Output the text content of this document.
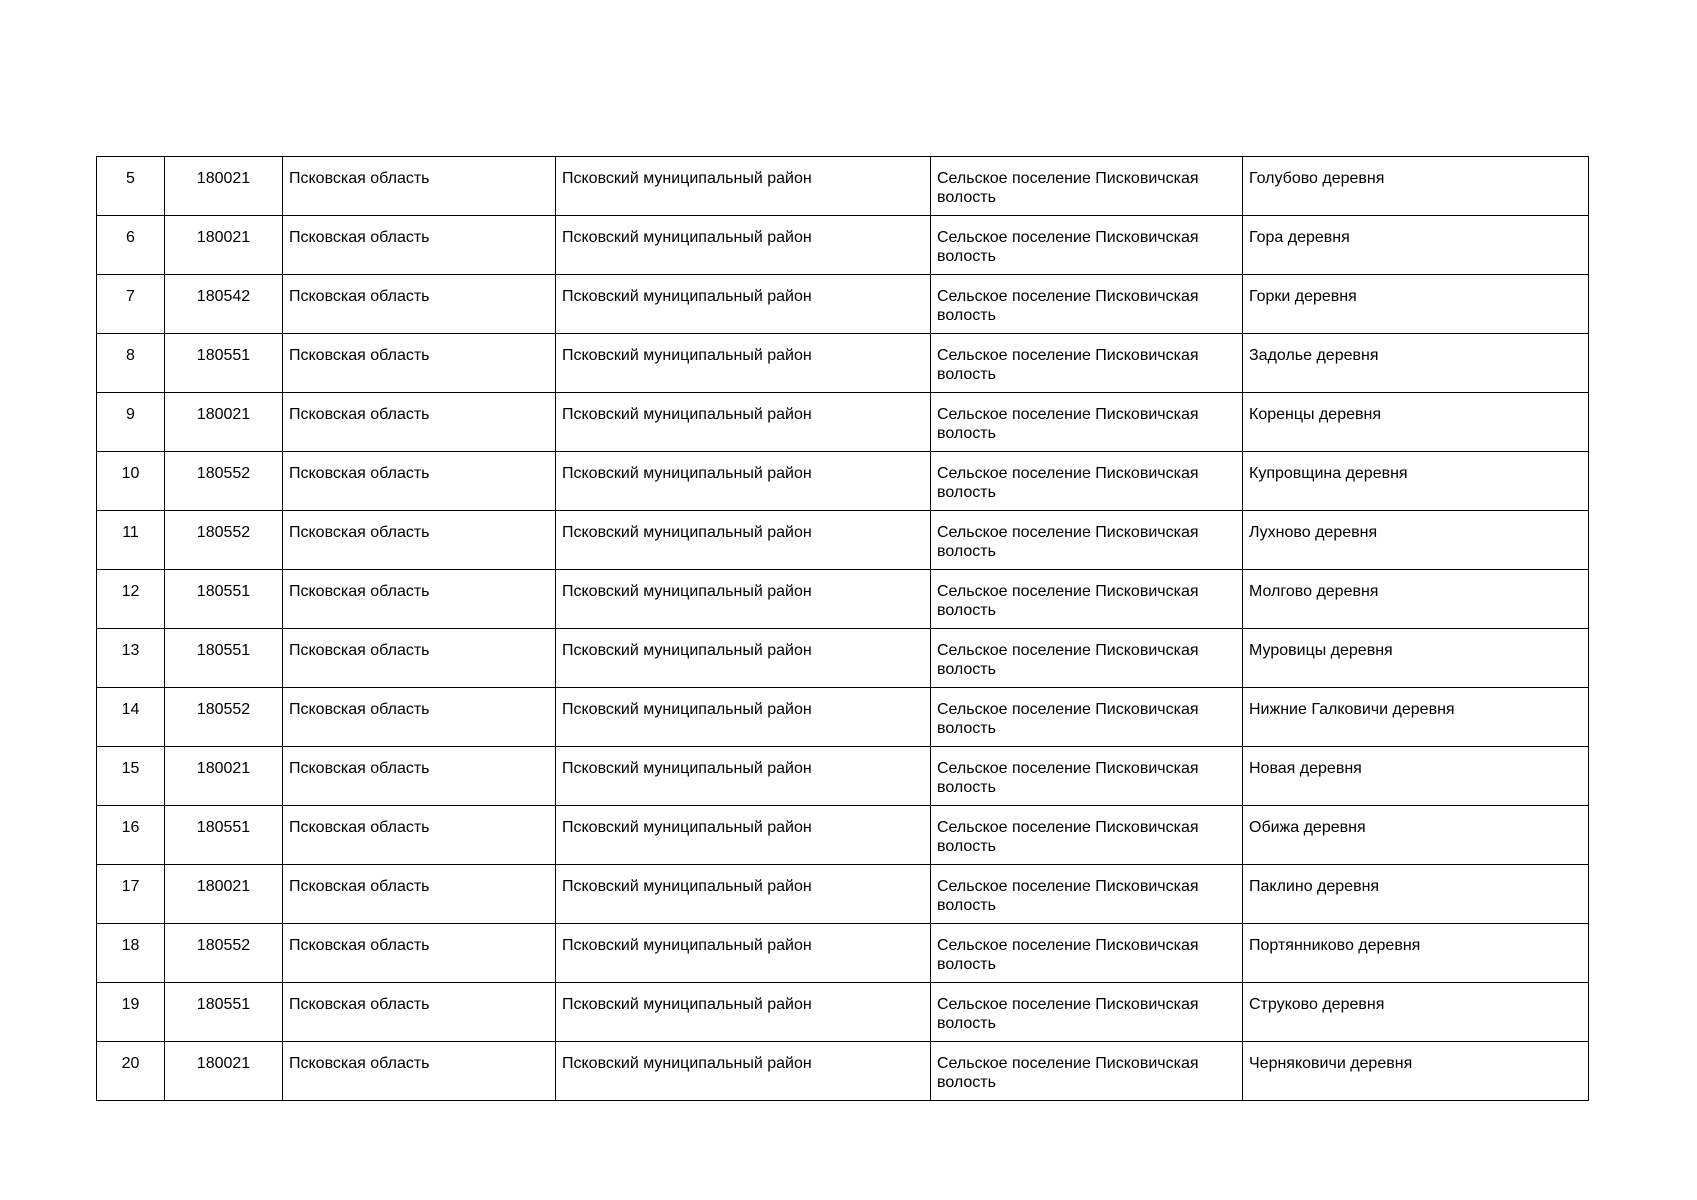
5	180021	Псковская область	Псковский муниципальный район	Сельское поселение Писковичская волость	Голубово деревня
6	180021	Псковская область	Псковский муниципальный район	Сельское поселение Писковичская волость	Гора деревня
7	180542	Псковская область	Псковский муниципальный район	Сельское поселение Писковичская волость	Горки деревня
8	180551	Псковская область	Псковский муниципальный район	Сельское поселение Писковичская волость	Задолье деревня
9	180021	Псковская область	Псковский муниципальный район	Сельское поселение Писковичская волость	Коренцы деревня
10	180552	Псковская область	Псковский муниципальный район	Сельское поселение Писковичская волость	Купровщина деревня
11	180552	Псковская область	Псковский муниципальный район	Сельское поселение Писковичская волость	Лухново деревня
12	180551	Псковская область	Псковский муниципальный район	Сельское поселение Писковичская волость	Молгово деревня
13	180551	Псковская область	Псковский муниципальный район	Сельское поселение Писковичская волость	Муровицы деревня
14	180552	Псковская область	Псковский муниципальный район	Сельское поселение Писковичская волость	Нижние Галковичи деревня
15	180021	Псковская область	Псковский муниципальный район	Сельское поселение Писковичская волость	Новая деревня
16	180551	Псковская область	Псковский муниципальный район	Сельское поселение Писковичская волость	Обижа деревня
17	180021	Псковская область	Псковский муниципальный район	Сельское поселение Писковичская волость	Паклино деревня
18	180552	Псковская область	Псковский муниципальный район	Сельское поселение Писковичская волость	Портянниково деревня
19	180551	Псковская область	Псковский муниципальный район	Сельское поселение Писковичская волость	Струково деревня
20	180021	Псковская область	Псковский муниципальный район	Сельское поселение Писковичская волость	Черняковичи деревня
